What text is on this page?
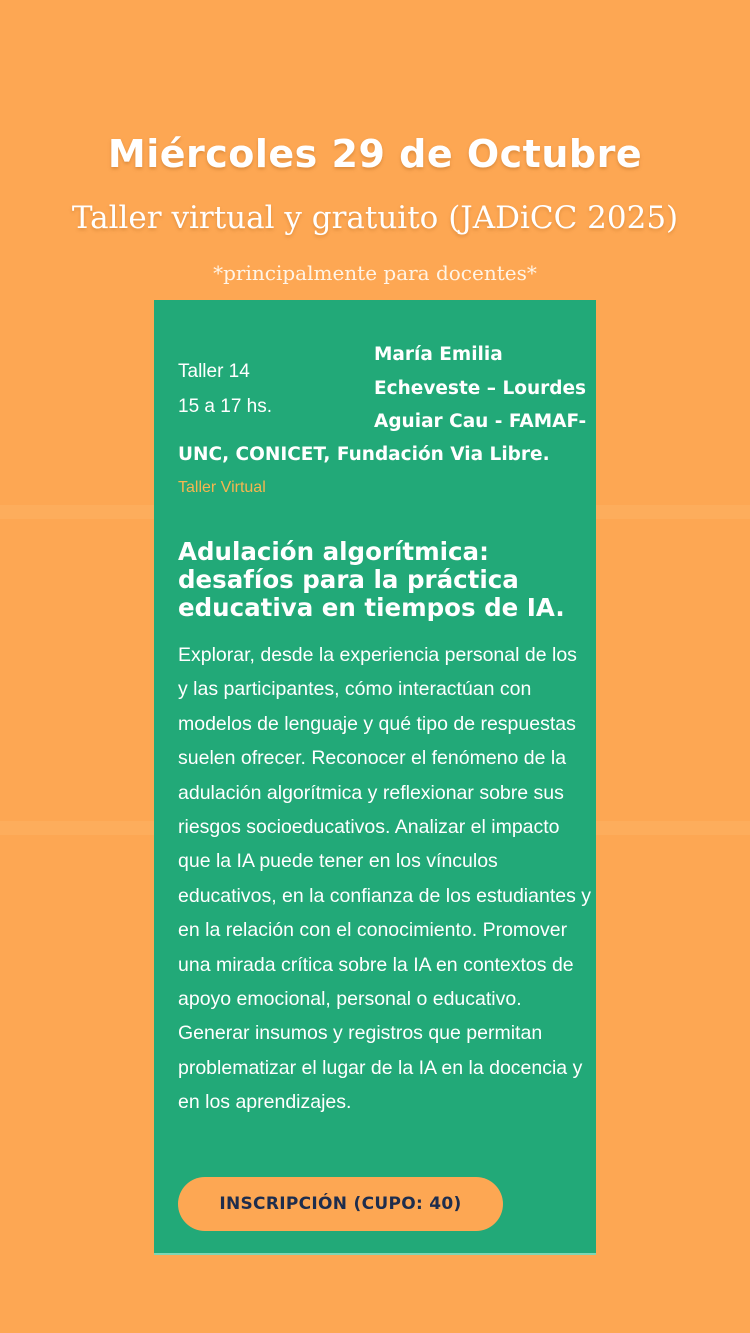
Miércoles 29 de Octubre
Taller virtual y gratuito (JADiCC 2025)
*principalmente para docentes*
Taller 14
15 a 17 hs.
María Emilia Echeveste – Lourdes Aguiar Cau - FAMAF-
UNC, CONICET, Fundación Via Libre.
Taller Virtual
Adulación algorítmica: desafíos para la práctica educativa en tiempos de IA.

Explorar, desde la experiencia personal de los y las participantes, cómo interactúan con modelos de lenguaje y qué tipo de respuestas suelen ofrecer. Reconocer el fenómeno de la adulación algorítmica y reflexionar sobre sus riesgos socioeducativos. Analizar el impacto que la IA puede tener en los vínculos educativos, en la confianza de los estudiantes y en la relación con el conocimiento. Promover una mirada crítica sobre la IA en contextos de apoyo emocional, personal o educativo. Generar insumos y registros que permitan problematizar el lugar de la IA en la docencia y en los aprendizajes.

INSCRIPCIÓN (CUPO: 40)
